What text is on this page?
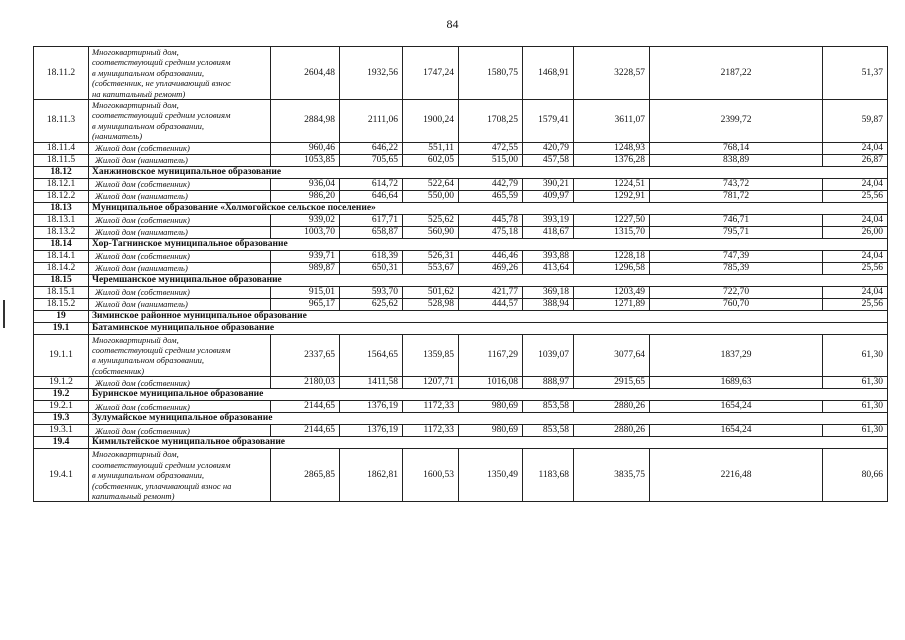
84
18.11.2	Многоквартирный дом,
соответствующий средним условиям
в муниципальном образовании,
(собственник, не уплачивающий взнос
на капитальный ремонт)	2604,48	1932,56	1747,24	1580,75	1468,91	3228,57	2187,22	51,37
18.11.3	Многоквартирный дом,
соответствующий средним условиям
в муниципальном образовании,
(наниматель)	2884,98	2111,06	1900,24	1708,25	1579,41	3611,07	2399,72	59,87
18.11.4	Жилой дом (собственник)	960,46	646,22	551,11	472,55	420,79	1248,93	768,14	24,04
18.11.5	Жилой дом (наниматель)	1053,85	705,65	602,05	515,00	457,58	1376,28	838,89	26,87
18.12	Ханжиновское муниципальное образование								
18.12.1	Жилой дом (собственник)	936,04	614,72	522,64	442,79	390,21	1224,51	743,72	24,04
18.12.2	Жилой дом (наниматель)	986,20	646,64	550,00	465,59	409,97	1292,91	781,72	25,56
18.13	Муниципальное образование «Холмогойское сельское поселение»								
18.13.1	Жилой дом (собственник)	939,02	617,71	525,62	445,78	393,19	1227,50	746,71	24,04
18.13.2	Жилой дом (наниматель)	1003,70	658,87	560,90	475,18	418,67	1315,70	795,71	26,00
18.14	Хор-Тагнинское муниципальное образование								
18.14.1	Жилой дом (собственник)	939,71	618,39	526,31	446,46	393,88	1228,18	747,39	24,04
18.14.2	Жилой дом (наниматель)	989,87	650,31	553,67	469,26	413,64	1296,58	785,39	25,56
18.15	Черемшанское муниципальное образование								
18.15.1	Жилой дом (собственник)	915,01	593,70	501,62	421,77	369,18	1203,49	722,70	24,04
18.15.2	Жилой дом (наниматель)	965,17	625,62	528,98	444,57	388,94	1271,89	760,70	25,56
19	Зиминское районное муниципальное образование								
19.1	Батаминское муниципальное образование								
19.1.1	Многоквартирный дом,
соответствующий средним условиям
в муниципальном образовании,
(собственник)	2337,65	1564,65	1359,85	1167,29	1039,07	3077,64	1837,29	61,30
19.1.2	Жилой дом (собственник)	2180,03	1411,58	1207,71	1016,08	888,97	2915,65	1689,63	61,30
19.2	Буринское муниципальное образование								
19.2.1	Жилой дом (собственник)	2144,65	1376,19	1172,33	980,69	853,58	2880,26	1654,24	61,30
19.3	Зулумайское муниципальное образование								
19.3.1	Жилой дом (собственник)	2144,65	1376,19	1172,33	980,69	853,58	2880,26	1654,24	61,30
19.4	Кимильтейское муниципальное образование								
19.4.1	Многоквартирный дом,
соответствующий средним условиям
в муниципальном образовании,
(собственник, уплачивающий взнос на
капитальный ремонт)	2865,85	1862,81	1600,53	1350,49	1183,68	3835,75	2216,48	80,66
